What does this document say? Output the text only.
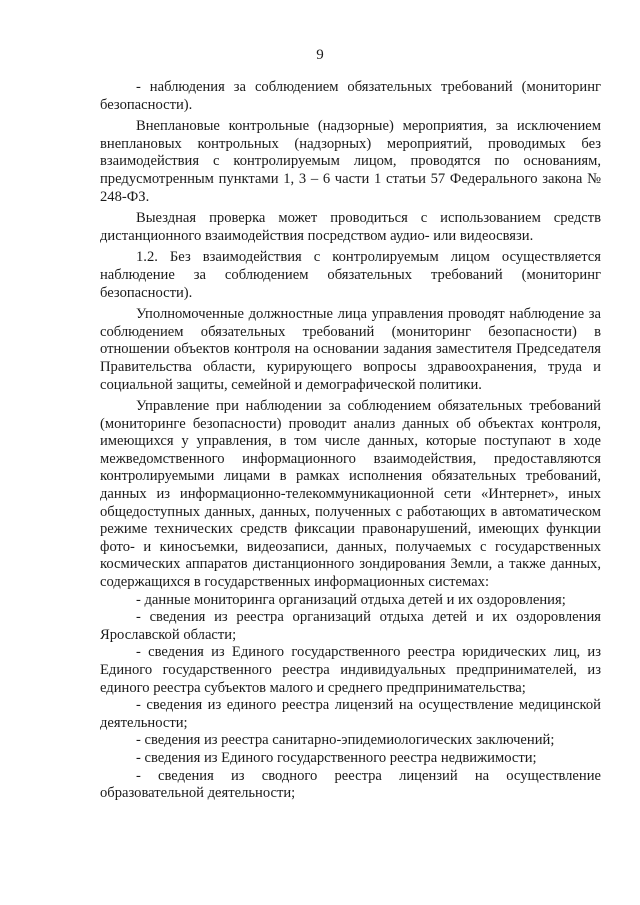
9

- наблюдения за соблюдением обязательных требований (мониторинг безопасности).

Внеплановые контрольные (надзорные) мероприятия, за исключением внеплановых контрольных (надзорных) мероприятий, проводимых без взаимодействия с контролируемым лицом, проводятся по основаниям, предусмотренным пунктами 1, 3 – 6 части 1 статьи 57 Федерального закона № 248-ФЗ.

Выездная проверка может проводиться с использованием средств дистанционного взаимодействия посредством аудио- или видеосвязи.

1.2. Без взаимодействия с контролируемым лицом осуществляется наблюдение за соблюдением обязательных требований (мониторинг безопасности).

Уполномоченные должностные лица управления проводят наблюдение за соблюдением обязательных требований (мониторинг безопасности) в отношении объектов контроля на основании задания заместителя Председателя Правительства области, курирующего вопросы здравоохранения, труда и социальной защиты, семейной и демографической политики.

Управление при наблюдении за соблюдением обязательных требований (мониторинге безопасности) проводит анализ данных об объектах контроля, имеющихся у управления, в том числе данных, которые поступают в ходе межведомственного информационного взаимодействия, предоставляются контролируемыми лицами в рамках исполнения обязательных требований, данных из информационно-телекоммуникационной сети «Интернет», иных общедоступных данных, данных, полученных с работающих в автоматическом режиме технических средств фиксации правонарушений, имеющих функции фото- и киносъемки, видеозаписи, данных, получаемых с государственных космических аппаратов дистанционного зондирования Земли, а также данных, содержащихся в государственных информационных системах:

- данные мониторинга организаций отдыха детей и их оздоровления;

- сведения из реестра организаций отдыха детей и их оздоровления Ярославской области;

- сведения из Единого государственного реестра юридических лиц, из Единого государственного реестра индивидуальных предпринимателей, из единого реестра субъектов малого и среднего предпринимательства;

- сведения из единого реестра лицензий на осуществление медицинской деятельности;

- сведения из реестра санитарно-эпидемиологических заключений;

- сведения из Единого государственного реестра недвижимости;

- сведения из сводного реестра лицензий на осуществление образовательной деятельности;
